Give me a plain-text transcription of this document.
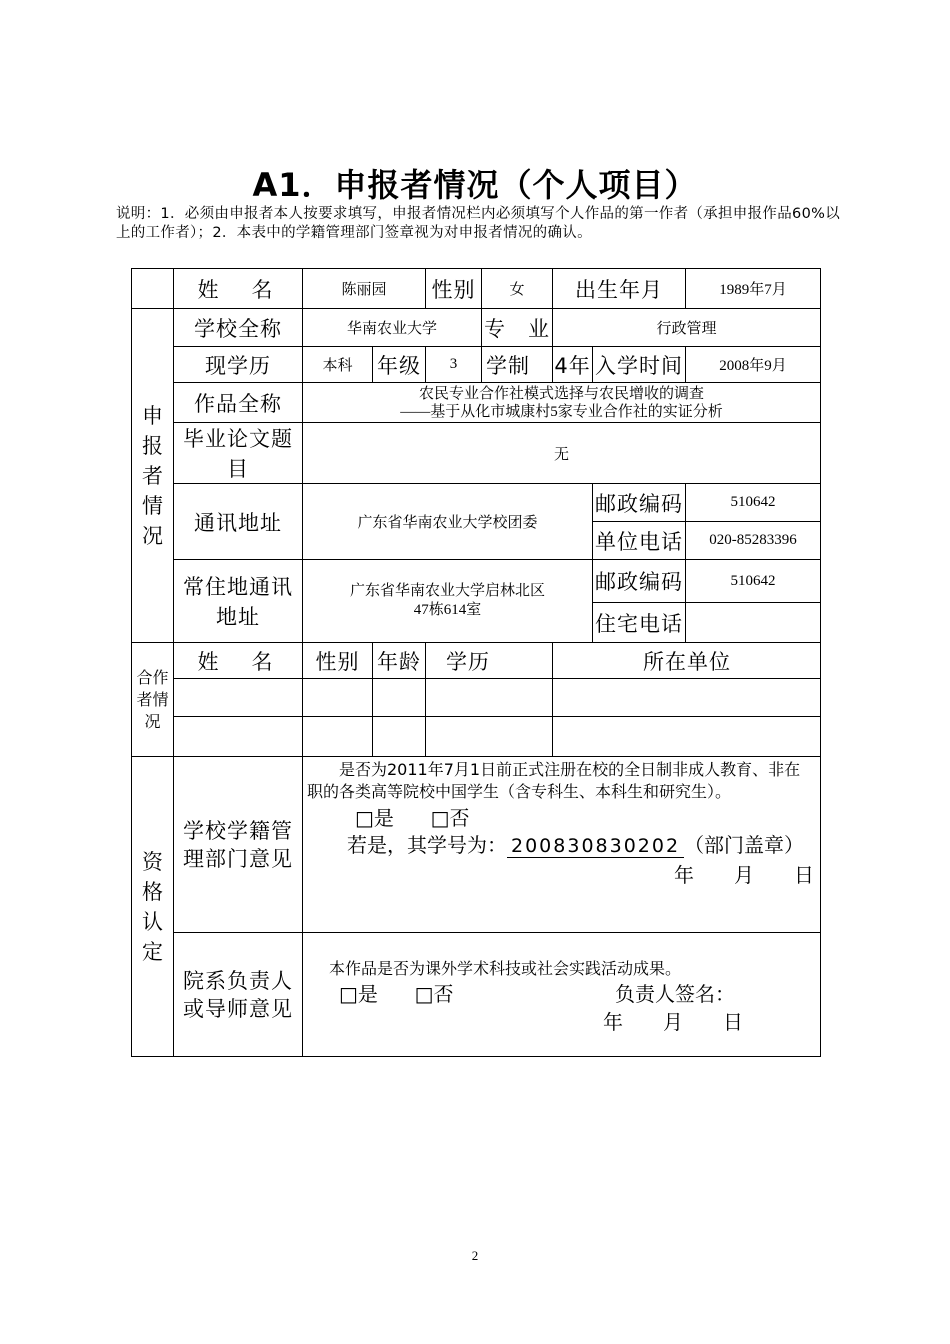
A1．申报者情况（个人项目）
说明：1．必须由申报者本人按要求填写，申报者情况栏内必须填写个人作品的第一作者（承担申报作品60%以上的工作者）；2．本表中的学籍管理部门签章视为对申报者情况的确认。
	姓　名	陈丽园		性别	女	出生年月		1989年7月
申报者情况	学校全称	华南农业大学			专　业	行政管理		
	现学历	本科	年级	3	学制	4年	入学时间	2008年9月
	作品全称	农民专业合作社模式选择与农民增收的调查
——基于从化市城康村5家专业合作社的实证分析						

	毕业论文题目	无						
	通讯地址	广东省华南农业大学校团委					邮政编码	510642
							单位电话	020-85283396
	常住地通讯地址	广东省华南农业大学启林北区
47栋614室					邮政编码	510642
							住宅电话	
合作者情况	姓　名	性别	年龄	学历		所在单位		

资格认定	学校学籍管理部门意见	是否为2011年7月1日前正式注册在校的全日制非成人教育、非在职的各类高等院校中国学生（含专科生、本科生和研究生）。
□是 □否
若是，其学号为： 200830830202 （部门盖章）
年　　月　　日						

	院系负责人或导师意见	本作品是否为课外学术科技或社会实践活动成果。
□是 □否 负责人签名：
年　　月　　日						
2
